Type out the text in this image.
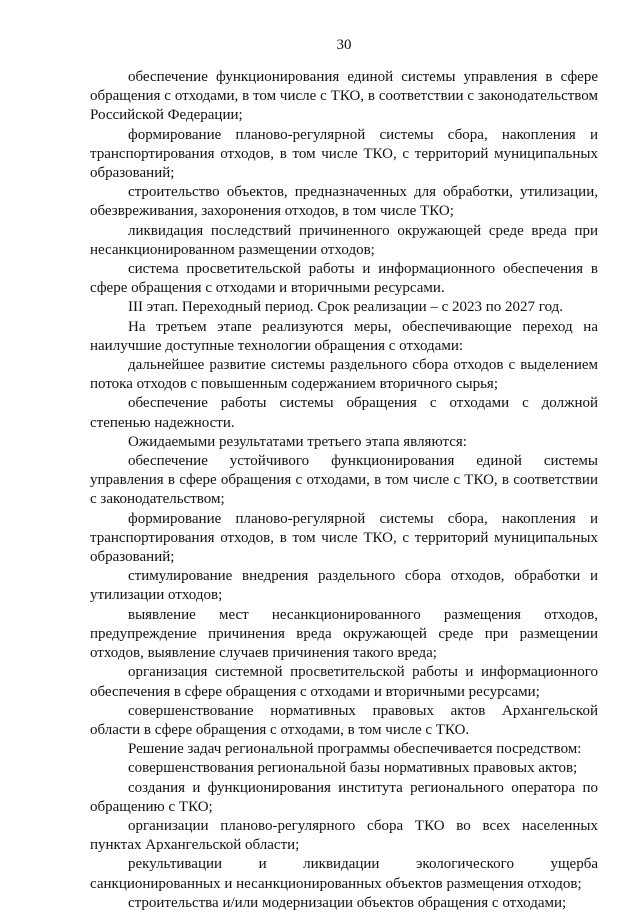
30

обеспечение функционирования единой системы управления в сфере обращения с отходами, в том числе с ТКО, в соответствии с законодательством Российской Федерации;

формирование планово-регулярной системы сбора, накопления и транспортирования отходов, в том числе ТКО, с территорий муниципальных образований;

строительство объектов, предназначенных для обработки, утилизации, обезвреживания, захоронения отходов, в том числе ТКО;

ликвидация последствий причиненного окружающей среде вреда при несанкционированном размещении отходов;

система просветительской работы и информационного обеспечения в сфере обращения с отходами и вторичными ресурсами.

III этап. Переходный период. Срок реализации – с 2023 по 2027 год.

На третьем этапе реализуются меры, обеспечивающие переход на наилучшие доступные технологии обращения с отходами:

дальнейшее развитие системы раздельного сбора отходов с выделением потока отходов с повышенным содержанием вторичного сырья;

обеспечение работы системы обращения с отходами с должной степенью надежности.

Ожидаемыми результатами третьего этапа являются:

обеспечение устойчивого функционирования единой системы управления в сфере обращения с отходами, в том числе с ТКО, в соответствии с законодательством;

формирование планово-регулярной системы сбора, накопления и транспортирования отходов, в том числе ТКО, с территорий муниципальных образований;

стимулирование внедрения раздельного сбора отходов, обработки и утилизации отходов;

выявление мест несанкционированного размещения отходов, предупреждение причинения вреда окружающей среде при размещении отходов, выявление случаев причинения такого вреда;

организация системной просветительской работы и информационного обеспечения в сфере обращения с отходами и вторичными ресурсами;

совершенствование нормативных правовых актов Архангельской области в сфере обращения с отходами, в том числе с ТКО.

Решение задач региональной программы обеспечивается посредством:

совершенствования региональной базы нормативных правовых актов;

создания и функционирования института регионального оператора по обращению с ТКО;

организации планово-регулярного сбора ТКО во всех населенных пунктах Архангельской области;

рекультивации и ликвидации экологического ущерба санкционированных и несанкционированных объектов размещения отходов;

строительства и/или модернизации объектов обращения с отходами;
